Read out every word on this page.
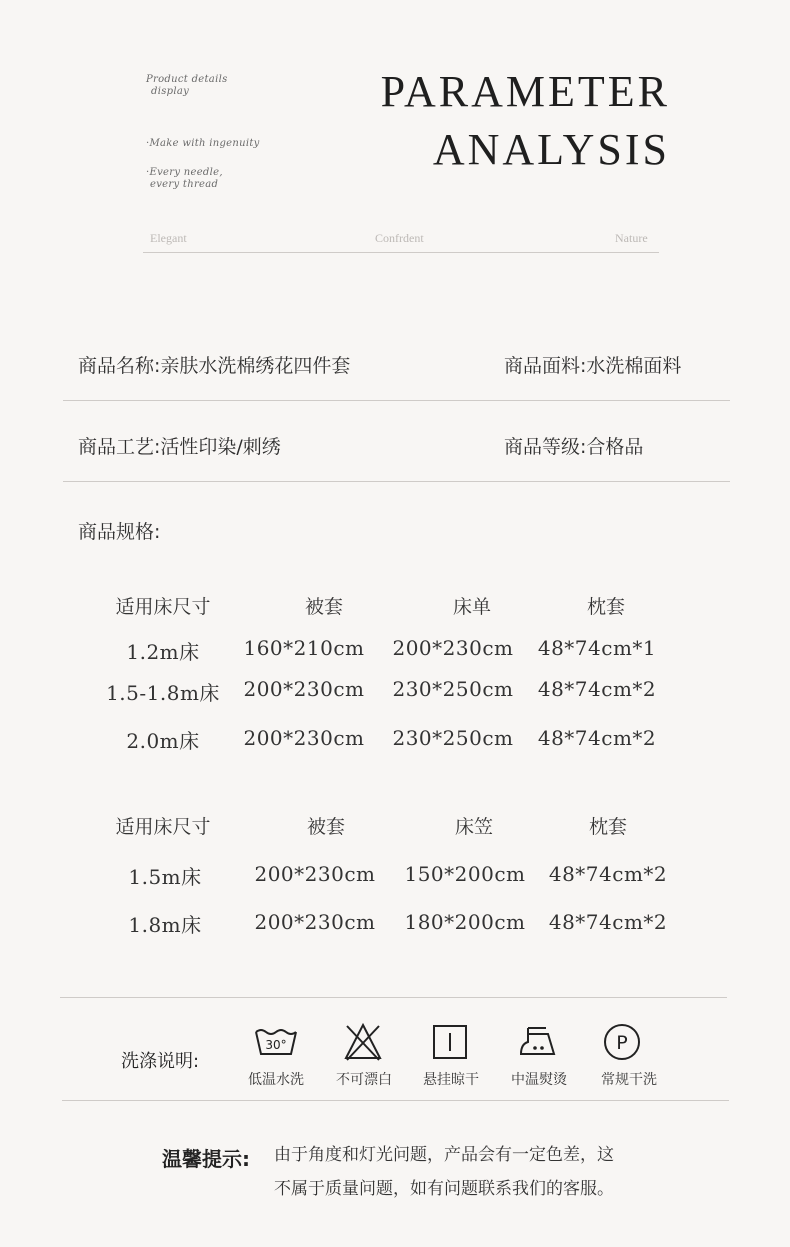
Product details
display
·Make with ingenuity
·Every needle,
every thread
PARAMETER
ANALYSIS
Elegant	Confrdent	Nature
商品名称:亲肤水洗棉绣花四件套	商品面料:水洗棉面料
商品工艺:活性印染/刺绣	商品等级:合格品
商品规格:
适用床尺寸	被套	床单	枕套
1.2m床	160*210cm	200*230cm	48*74cm*1
1.5-1.8m床	200*230cm	230*250cm	48*74cm*2
2.0m床	200*230cm	230*250cm	48*74cm*2
适用床尺寸	被套	床笠	枕套
1.5m床	200*230cm	150*200cm	48*74cm*2
1.8m床	200*230cm	180*200cm	48*74cm*2
洗涤说明:
30°
低温水洗	不可漂白	悬挂晾干	中温熨烫
P
常规干洗
温馨提示: 由于角度和灯光问题，产品会有一定色差，这
不属于质量问题，如有问题联系我们的客服。
